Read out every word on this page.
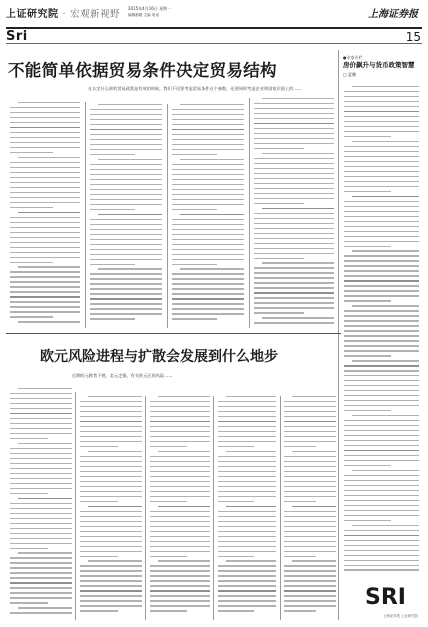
上证研究院 · 宏观新视野
2015年4月16日 星期一
编辑邮箱 主编 电话	上海证券报
Sri	15
不能简单依据贸易条件决定贸易结构
在认定什么样的贸易政策是有效的时候，我们不仅要考虑贸易条件这个参数，还要同时考虑企业和国家层面上的……
●专家专栏
房价飙升与货币政策智慧
□ 夏鹏
欧元风险进程与扩散会发展到什么地步
近期欧元跌势下挫，美元走强，有关欧元区的风险……
SRI
上海证券报 上证研究院
